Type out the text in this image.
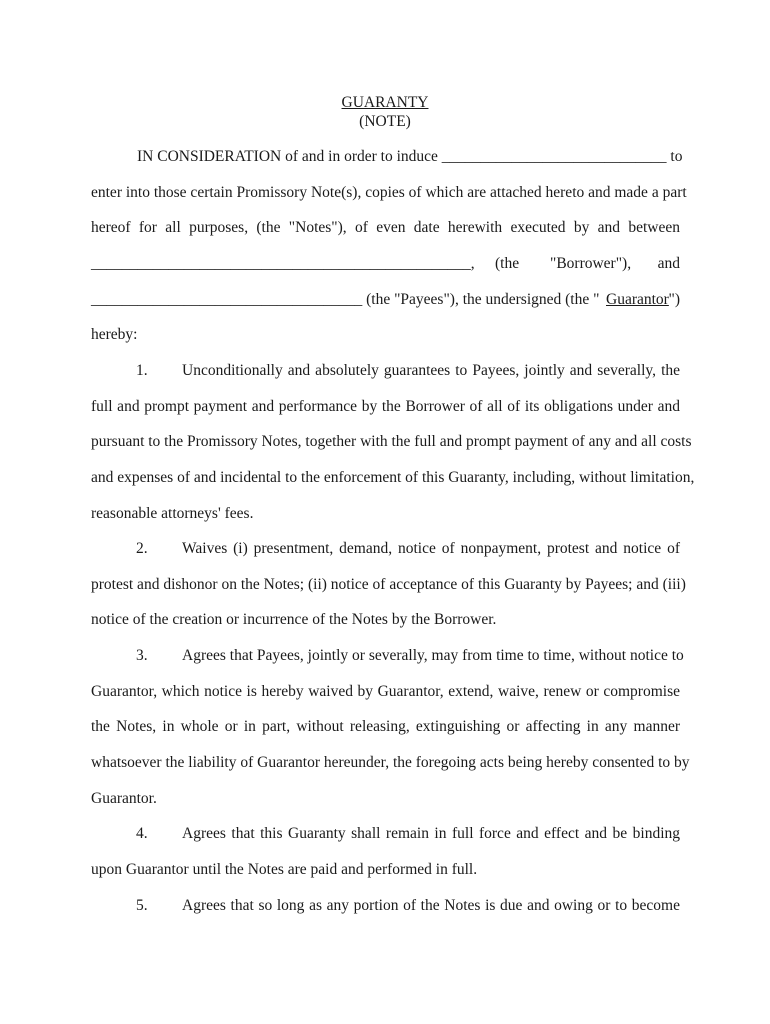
GUARANTY
(NOTE)
IN CONSIDERATION of and in order to induce _____________________________ to
enter into those certain Promissory Note(s), copies of which are attached hereto and made a part
hereof for all purposes, (the "Notes"), of even date herewith executed by and between
_________________________________________________, (the "Borrower"), and
___________________________________ (the "Payees"), the undersigned (the " Guarantor ")
hereby:
1.	Unconditionally and absolutely guarantees to Payees, jointly and severally, the
full and prompt payment and performance by the Borrower of all of its obligations under and
pursuant to the Promissory Notes, together with the full and prompt payment of any and all costs
and expenses of and incidental to the enforcement of this Guaranty, including, without limitation,
reasonable attorneys' fees.
2.	Waives (i) presentment, demand, notice of nonpayment, protest and notice of
protest and dishonor on the Notes; (ii) notice of acceptance of this Guaranty by Payees; and (iii)
notice of the creation or incurrence of the Notes by the Borrower.
3.	Agrees that Payees, jointly or severally, may from time to time, without notice to
Guarantor, which notice is hereby waived by Guarantor, extend, waive, renew or compromise
the Notes, in whole or in part, without releasing, extinguishing or affecting in any manner
whatsoever the liability of Guarantor hereunder, the foregoing acts being hereby consented to by
Guarantor.
4.	Agrees that this Guaranty shall remain in full force and effect and be binding
upon Guarantor until the Notes are paid and performed in full.
5.	Agrees that so long as any portion of the Notes is due and owing or to become
